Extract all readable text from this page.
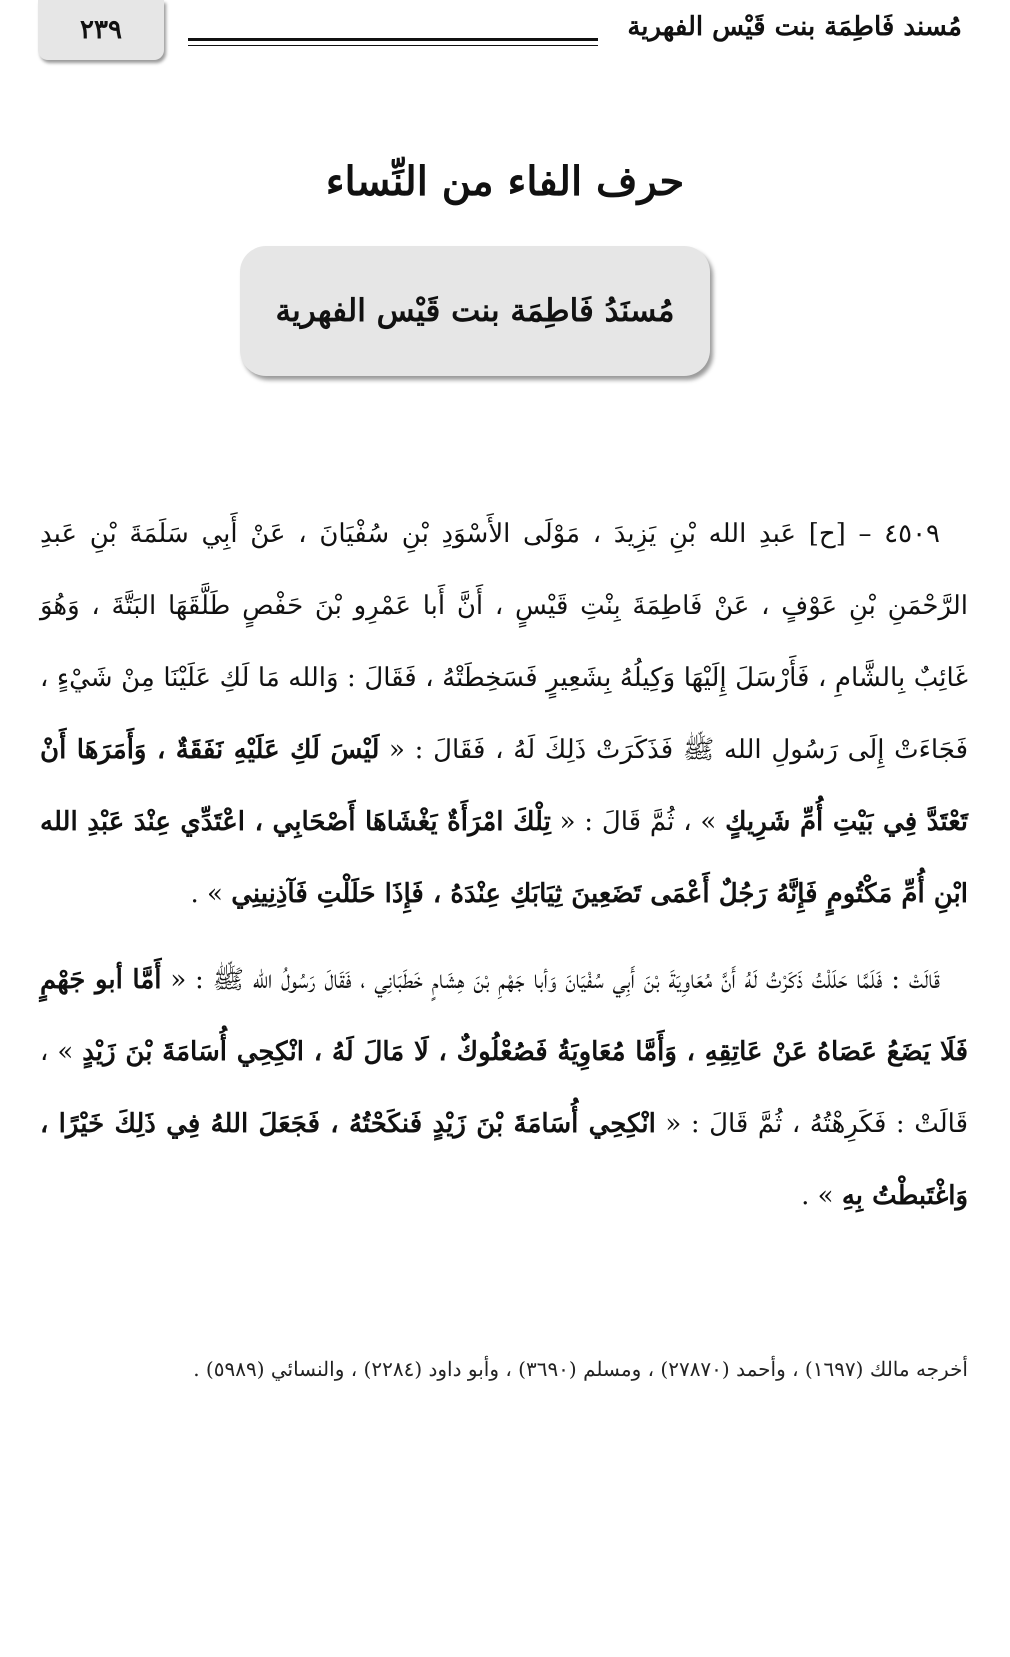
٢٣٩	مُسند فَاطِمَة بنت قَيْس الفهرية
حرف الفاء من النِّساء
مُسنَدُ فَاطِمَة بنت قَيْس الفهرية

٤٥٠٩ – [ح] عَبدِ الله بْنِ يَزِيدَ ، مَوْلَى الأَسْوَدِ بْنِ سُفْيَانَ ، عَنْ أَبِي سَلَمَةَ بْنِ عَبدِ الرَّحْمَنِ بْنِ عَوْفٍ ، عَنْ فَاطِمَةَ بِنْتِ قَيْسٍ ، أَنَّ أَبا عَمْرِو بْنَ حَفْصٍ طَلَّقَهَا البَتَّةَ ، وَهُوَ غَائِبٌ بِالشَّامِ ، فَأَرْسَلَ إِلَيْهَا وَكِيلُهُ بِشَعِيرٍ فَسَخِطَتْهُ ، فَقَالَ : وَالله مَا لَكِ عَلَيْنَا مِنْ شَيْءٍ ، فَجَاءَتْ إِلَى رَسُولِ الله ﷺ فَذَكَرَتْ ذَلِكَ لَهُ ، فَقَالَ : « لَيْسَ لَكِ عَلَيْهِ نَفَقَةٌ ، وَأَمَرَهَا أَنْ تَعْتَدَّ فِي بَيْتِ أُمِّ شَرِيكٍ » ، ثُمَّ قَالَ : « تِلْكَ امْرَأَةٌ يَغْشَاهَا أَصْحَابِي ، اعْتَدِّي عِنْدَ عَبْدِ الله ابْنِ أُمِّ مَكْتُومٍ فَإِنَّهُ رَجُلٌ أَعْمَى تَضَعِينَ ثِيَابَكِ عِنْدَهُ ، فَإِذَا حَلَلْتِ فَآذِنِينِي » .

قَالَتْ : فَلَمَّا حَلَلْتُ ذَكَرْتُ لَهُ أَنَّ مُعَاوِيَةَ بْنَ أَبِي سُفْيَانَ وَأبا جَهْمِ بْنَ هِشَامٍ خَطَبَانِي ، فَقَالَ رَسُولُ الله ﷺ : « أَمَّا أبو جَهْمٍ فَلَا يَضَعُ عَصَاهُ عَنْ عَاتِقِهِ ، وَأَمَّا مُعَاوِيَةُ فَصُعْلُوكٌ ، لَا مَالَ لَهُ ، انْكِحِي أُسَامَةَ بْنَ زَيْدٍ » ، قَالَتْ : فَكَرِهْتُهُ ، ثُمَّ قَالَ : « انْكِحِي أُسَامَةَ بْنَ زَيْدٍ فَنكَحْتُهُ ، فَجَعَلَ اللهُ فِي ذَلِكَ خَيْرًا ، وَاغْتَبطْتُ بِهِ » .

أخرجه مالك (١٦٩٧) ، وأحمد (٢٧٨٧٠) ، ومسلم (٣٦٩٠) ، وأبو داود (٢٢٨٤) ، والنسائي (٥٩٨٩) .
